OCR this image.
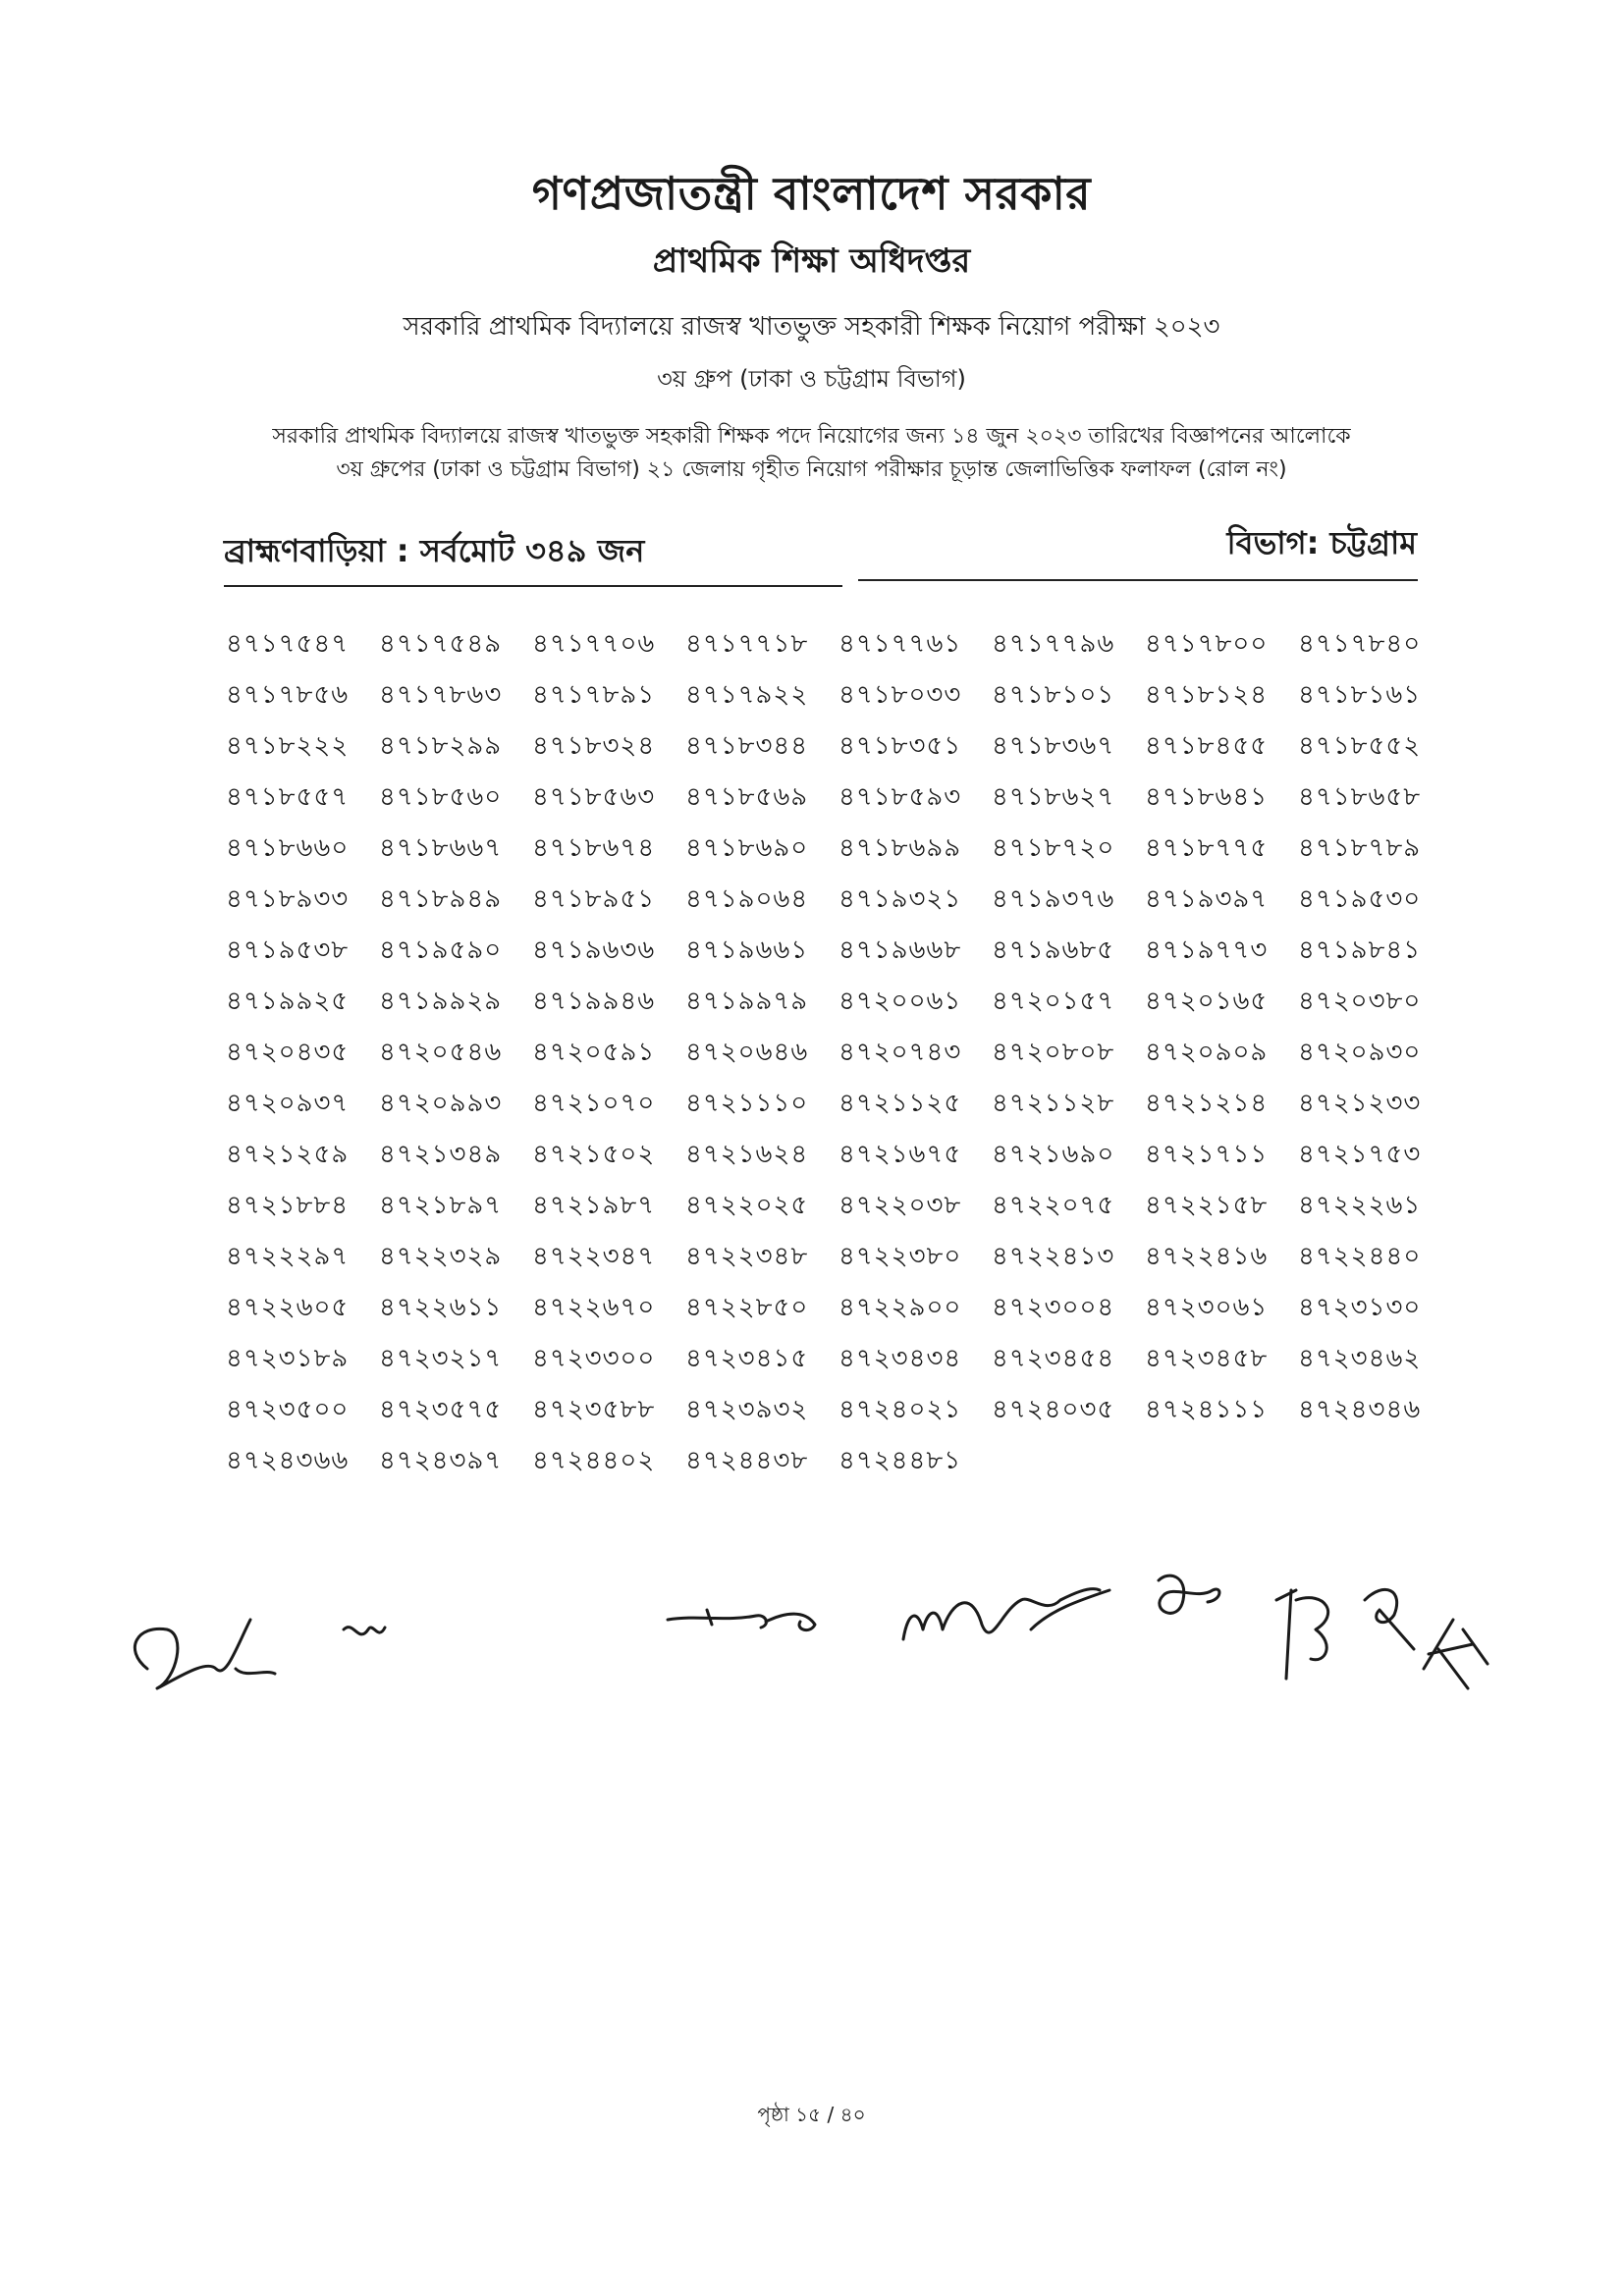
গণপ্রজাতন্ত্রী বাংলাদেশ সরকার
প্রাথমিক শিক্ষা অধিদপ্তর
সরকারি প্রাথমিক বিদ্যালয়ে রাজস্ব খাতভুক্ত সহকারী শিক্ষক নিয়োগ পরীক্ষা ২০২৩
৩য় গ্রুপ (ঢাকা ও চট্টগ্রাম বিভাগ)
সরকারি প্রাথমিক বিদ্যালয়ে রাজস্ব খাতভুক্ত সহকারী শিক্ষক পদে নিয়োগের জন্য ১৪ জুন ২০২৩ তারিখের বিজ্ঞাপনের আলোকে
৩য় গ্রুপের (ঢাকা ও চট্টগ্রাম বিভাগ) ২১ জেলায় গৃহীত নিয়োগ পরীক্ষার চূড়ান্ত জেলাভিত্তিক ফলাফল (রোল নং)
ব্রাহ্মণবাড়িয়া : সর্বমোট ৩৪৯ জন	বিভাগ: চট্টগ্রাম
৪৭১৭৫৪৭	৪৭১৭৫৪৯	৪৭১৭৭০৬	৪৭১৭৭১৮	৪৭১৭৭৬১	৪৭১৭৭৯৬	৪৭১৭৮০০	৪৭১৭৮৪০
৪৭১৭৮৫৬	৪৭১৭৮৬৩	৪৭১৭৮৯১	৪৭১৭৯২২	৪৭১৮০৩৩	৪৭১৮১০১	৪৭১৮১২৪	৪৭১৮১৬১
৪৭১৮২২২	৪৭১৮২৯৯	৪৭১৮৩২৪	৪৭১৮৩৪৪	৪৭১৮৩৫১	৪৭১৮৩৬৭	৪৭১৮৪৫৫	৪৭১৮৫৫২
৪৭১৮৫৫৭	৪৭১৮৫৬০	৪৭১৮৫৬৩	৪৭১৮৫৬৯	৪৭১৮৫৯৩	৪৭১৮৬২৭	৪৭১৮৬৪১	৪৭১৮৬৫৮
৪৭১৮৬৬০	৪৭১৮৬৬৭	৪৭১৮৬৭৪	৪৭১৮৬৯০	৪৭১৮৬৯৯	৪৭১৮৭২০	৪৭১৮৭৭৫	৪৭১৮৭৮৯
৪৭১৮৯৩৩	৪৭১৮৯৪৯	৪৭১৮৯৫১	৪৭১৯০৬৪	৪৭১৯৩২১	৪৭১৯৩৭৬	৪৭১৯৩৯৭	৪৭১৯৫৩০
৪৭১৯৫৩৮	৪৭১৯৫৯০	৪৭১৯৬৩৬	৪৭১৯৬৬১	৪৭১৯৬৬৮	৪৭১৯৬৮৫	৪৭১৯৭৭৩	৪৭১৯৮৪১
৪৭১৯৯২৫	৪৭১৯৯২৯	৪৭১৯৯৪৬	৪৭১৯৯৭৯	৪৭২০০৬১	৪৭২০১৫৭	৪৭২০১৬৫	৪৭২০৩৮০
৪৭২০৪৩৫	৪৭২০৫৪৬	৪৭২০৫৯১	৪৭২০৬৪৬	৪৭২০৭৪৩	৪৭২০৮০৮	৪৭২০৯০৯	৪৭২০৯৩০
৪৭২০৯৩৭	৪৭২০৯৯৩	৪৭২১০৭০	৪৭২১১১০	৪৭২১১২৫	৪৭২১১২৮	৪৭২১২১৪	৪৭২১২৩৩
৪৭২১২৫৯	৪৭২১৩৪৯	৪৭২১৫০২	৪৭২১৬২৪	৪৭২১৬৭৫	৪৭২১৬৯০	৪৭২১৭১১	৪৭২১৭৫৩
৪৭২১৮৮৪	৪৭২১৮৯৭	৪৭২১৯৮৭	৪৭২২০২৫	৪৭২২০৩৮	৪৭২২০৭৫	৪৭২২১৫৮	৪৭২২২৬১
৪৭২২২৯৭	৪৭২২৩২৯	৪৭২২৩৪৭	৪৭২২৩৪৮	৪৭২২৩৮০	৪৭২২৪১৩	৪৭২২৪১৬	৪৭২২৪৪০
৪৭২২৬০৫	৪৭২২৬১১	৪৭২২৬৭০	৪৭২২৮৫০	৪৭২২৯০০	৪৭২৩০০৪	৪৭২৩০৬১	৪৭২৩১৩০
৪৭২৩১৮৯	৪৭২৩২১৭	৪৭২৩৩০০	৪৭২৩৪১৫	৪৭২৩৪৩৪	৪৭২৩৪৫৪	৪৭২৩৪৫৮	৪৭২৩৪৬২
৪৭২৩৫০০	৪৭২৩৫৭৫	৪৭২৩৫৮৮	৪৭২৩৯৩২	৪৭২৪০২১	৪৭২৪০৩৫	৪৭২৪১১১	৪৭২৪৩৪৬
৪৭২৪৩৬৬	৪৭২৪৩৯৭	৪৭২৪৪০২	৪৭২৪৪৩৮	৪৭২৪৪৮১
পৃষ্ঠা ১৫ / ৪০
